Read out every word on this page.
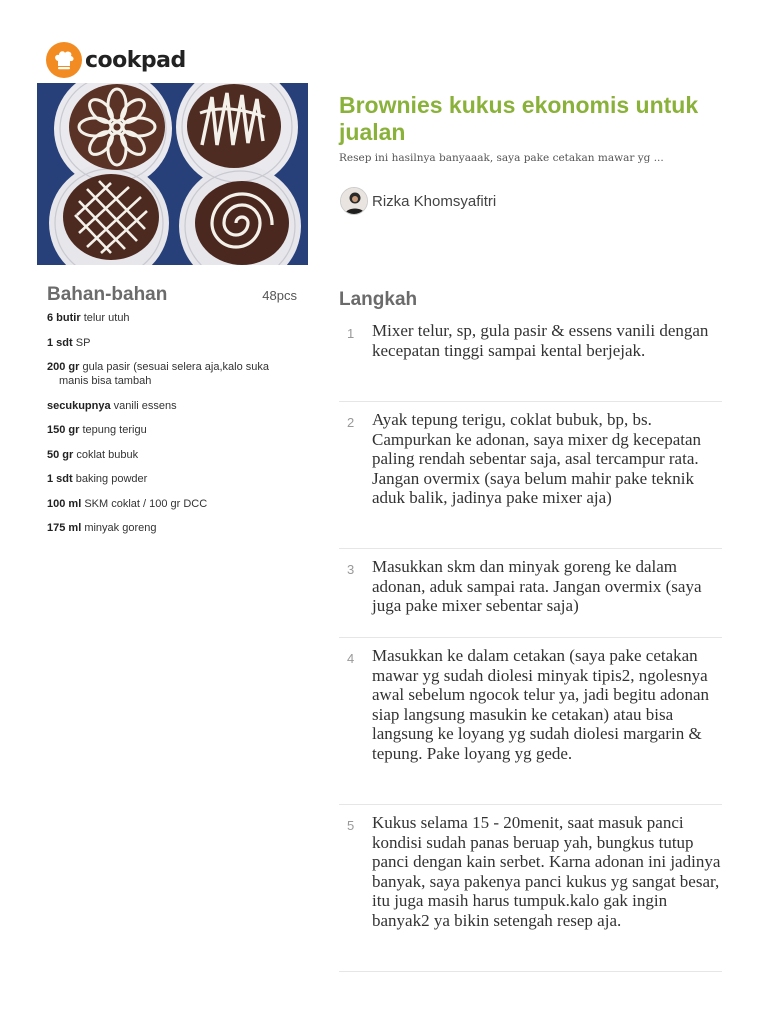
cookpad
Brownies kukus ekonomis untuk jualan

Resep ini hasilnya banyaaak, saya pake cetakan mawar yg ...

Rizka Khomsyafitri
Bahan-bahan	48pcs
6 butir telur utuh
1 sdt SP
200 gr gula pasir (sesuai selera aja,kalo suka manis bisa tambah
secukupnya vanili essens
150 gr tepung terigu
50 gr coklat bubuk
1 sdt baking powder
100 ml SKM coklat / 100 gr DCC
175 ml minyak goreng
Langkah
1	Mixer telur, sp, gula pasir & essens vanili dengan kecepatan tinggi sampai kental berjejak.
2	Ayak tepung terigu, coklat bubuk, bp, bs. Campurkan ke adonan, saya mixer dg kecepatan paling rendah sebentar saja, asal tercampur rata. Jangan overmix (saya belum mahir pake teknik aduk balik, jadinya pake mixer aja)
3	Masukkan skm dan minyak goreng ke dalam adonan, aduk sampai rata. Jangan overmix (saya juga pake mixer sebentar saja)
4	Masukkan ke dalam cetakan (saya pake cetakan mawar yg sudah diolesi minyak tipis2, ngolesnya awal sebelum ngocok telur ya, jadi begitu adonan siap langsung masukin ke cetakan) atau bisa langsung ke loyang yg sudah diolesi margarin & tepung. Pake loyang yg gede.
5	Kukus selama 15 - 20menit, saat masuk panci kondisi sudah panas beruap yah, bungkus tutup panci dengan kain serbet. Karna adonan ini jadinya banyak, saya pakenya panci kukus yg sangat besar, itu juga masih harus tumpuk.kalo gak ingin banyak2 ya bikin setengah resep aja.
